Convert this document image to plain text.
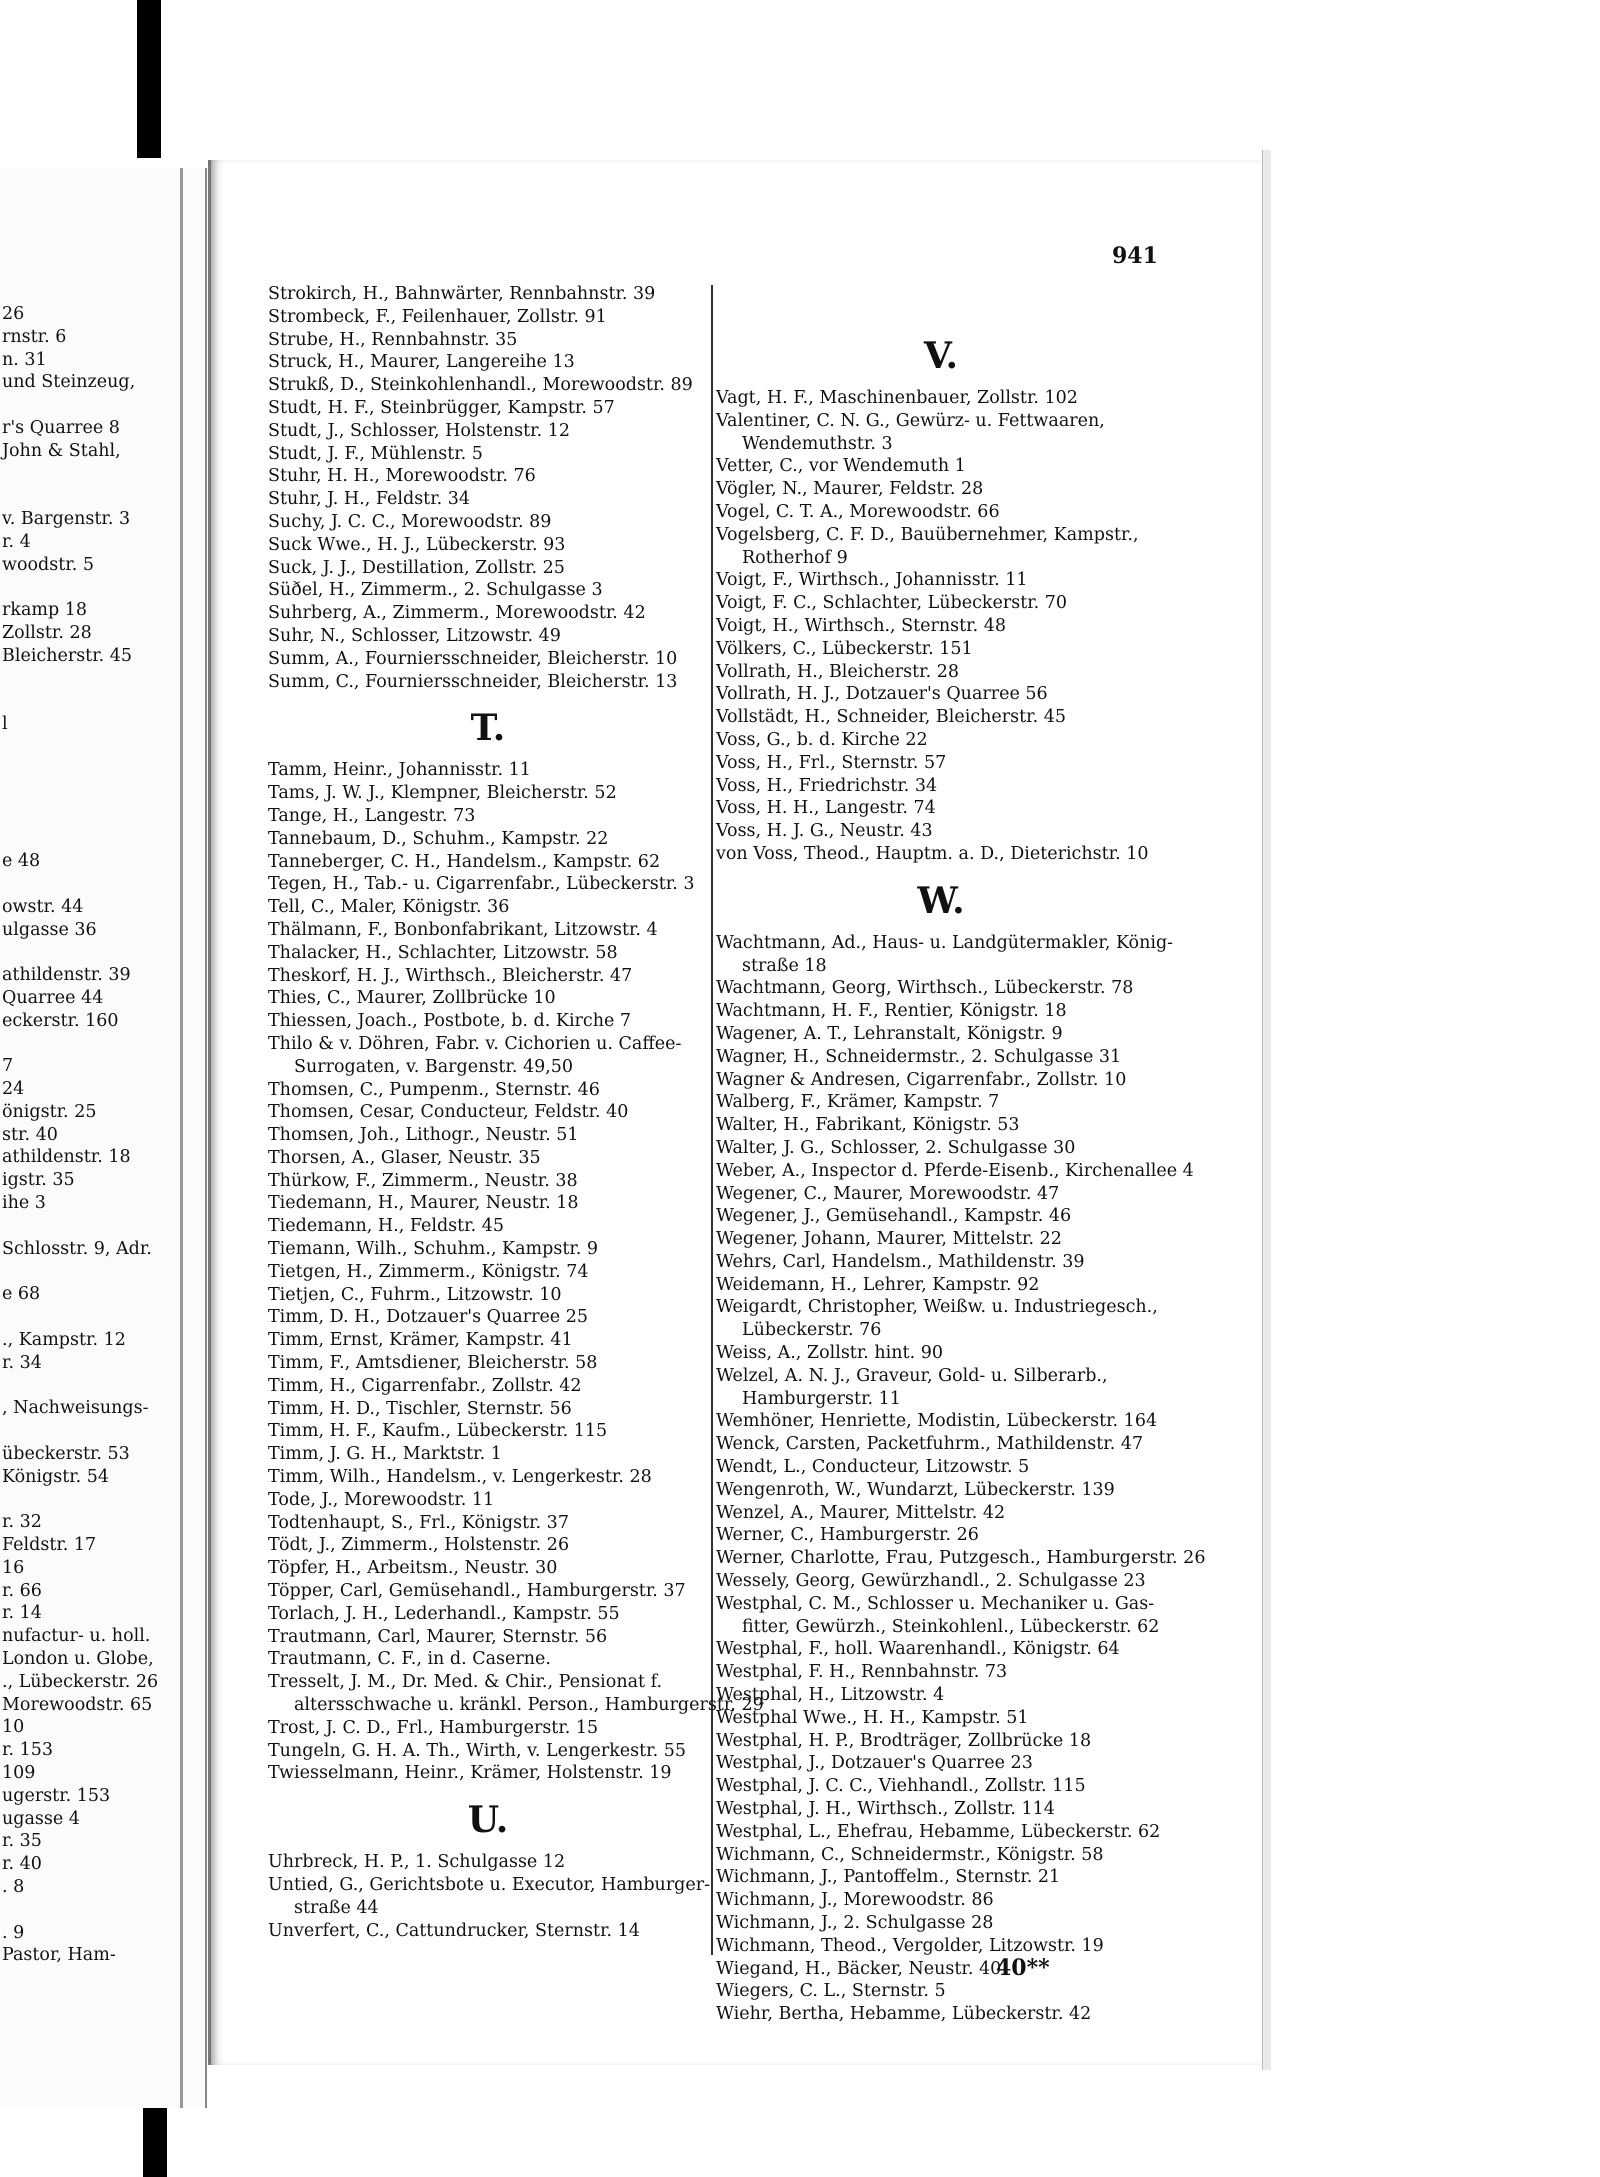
26
rnstr. 6
n. 31
und Steinzeug,

r's Quarree 8
John & Stahl,

v. Bargenstr. 3
r. 4
woodstr. 5

rkamp 18
Zollstr. 28
Bleicherstr. 45

l

e 48

owstr. 44
ulgasse 36

athildenstr. 39
Quarree 44
eckerstr. 160

7
24
önigstr. 25
str. 40
athildenstr. 18
igstr. 35
ihe 3

Schlosstr. 9, Adr.

e 68

., Kampstr. 12
r. 34

, Nachweisungs-

übeckerstr. 53
Königstr. 54

r. 32
Feldstr. 17
16
r. 66
r. 14
nufactur- u. holl.
London u. Globe,
., Lübeckerstr. 26
Morewoodstr. 65
10
r. 153
109
ugerstr. 153
ugasse 4
r. 35
r. 40
. 8

. 9
Pastor, Ham-
941
Strokirch, H., Bahnwärter, Rennbahnstr. 39
Strombeck, F., Feilenhauer, Zollstr. 91
Strube, H., Rennbahnstr. 35
Struck, H., Maurer, Langereihe 13
Strukß, D., Steinkohlenhandl., Morewoodstr. 89
Studt, H. F., Steinbrügger, Kampstr. 57
Studt, J., Schlosser, Holstenstr. 12
Studt, J. F., Mühlenstr. 5
Stuhr, H. H., Morewoodstr. 76
Stuhr, J. H., Feldstr. 34
Suchy, J. C. C., Morewoodstr. 89
Suck Wwe., H. J., Lübeckerstr. 93
Suck, J. J., Destillation, Zollstr. 25
Süðel, H., Zimmerm., 2. Schulgasse 3
Suhrberg, A., Zimmerm., Morewoodstr. 42
Suhr, N., Schlosser, Litzowstr. 49
Summ, A., Fourniersschneider, Bleicherstr. 10
Summ, C., Fourniersschneider, Bleicherstr. 13
T.
Tamm, Heinr., Johannisstr. 11
Tams, J. W. J., Klempner, Bleicherstr. 52
Tange, H., Langestr. 73
Tannebaum, D., Schuhm., Kampstr. 22
Tanneberger, C. H., Handelsm., Kampstr. 62
Tegen, H., Tab.- u. Cigarrenfabr., Lübeckerstr. 3
Tell, C., Maler, Königstr. 36
Thälmann, F., Bonbonfabrikant, Litzowstr. 4
Thalacker, H., Schlachter, Litzowstr. 58
Theskorf, H. J., Wirthsch., Bleicherstr. 47
Thies, C., Maurer, Zollbrücke 10
Thiessen, Joach., Postbote, b. d. Kirche 7
Thilo & v. Döhren, Fabr. v. Cichorien u. Caffee-
Surrogaten, v. Bargenstr. 49,50
Thomsen, C., Pumpenm., Sternstr. 46
Thomsen, Cesar, Conducteur, Feldstr. 40
Thomsen, Joh., Lithogr., Neustr. 51
Thorsen, A., Glaser, Neustr. 35
Thürkow, F., Zimmerm., Neustr. 38
Tiedemann, H., Maurer, Neustr. 18
Tiedemann, H., Feldstr. 45
Tiemann, Wilh., Schuhm., Kampstr. 9
Tietgen, H., Zimmerm., Königstr. 74
Tietjen, C., Fuhrm., Litzowstr. 10
Timm, D. H., Dotzauer's Quarree 25
Timm, Ernst, Krämer, Kampstr. 41
Timm, F., Amtsdiener, Bleicherstr. 58
Timm, H., Cigarrenfabr., Zollstr. 42
Timm, H. D., Tischler, Sternstr. 56
Timm, H. F., Kaufm., Lübeckerstr. 115
Timm, J. G. H., Marktstr. 1
Timm, Wilh., Handelsm., v. Lengerkestr. 28
Tode, J., Morewoodstr. 11
Todtenhaupt, S., Frl., Königstr. 37
Tödt, J., Zimmerm., Holstenstr. 26
Töpfer, H., Arbeitsm., Neustr. 30
Töpper, Carl, Gemüsehandl., Hamburgerstr. 37
Torlach, J. H., Lederhandl., Kampstr. 55
Trautmann, Carl, Maurer, Sternstr. 56
Trautmann, C. F., in d. Caserne.
Tresselt, J. M., Dr. Med. & Chir., Pensionat f.
altersschwache u. kränkl. Person., Hamburgerstr. 29
Trost, J. C. D., Frl., Hamburgerstr. 15
Tungeln, G. H. A. Th., Wirth, v. Lengerkestr. 55
Twiesselmann, Heinr., Krämer, Holstenstr. 19
U.
Uhrbreck, H. P., 1. Schulgasse 12
Untied, G., Gerichtsbote u. Executor, Hamburger-
straße 44
Unverfert, C., Cattundrucker, Sternstr. 14
V.
Vagt, H. F., Maschinenbauer, Zollstr. 102
Valentiner, C. N. G., Gewürz- u. Fettwaaren,
Wendemuthstr. 3
Vetter, C., vor Wendemuth 1
Vögler, N., Maurer, Feldstr. 28
Vogel, C. T. A., Morewoodstr. 66
Vogelsberg, C. F. D., Bauübernehmer, Kampstr.,
Rotherhof 9
Voigt, F., Wirthsch., Johannisstr. 11
Voigt, F. C., Schlachter, Lübeckerstr. 70
Voigt, H., Wirthsch., Sternstr. 48
Völkers, C., Lübeckerstr. 151
Vollrath, H., Bleicherstr. 28
Vollrath, H. J., Dotzauer's Quarree 56
Vollstädt, H., Schneider, Bleicherstr. 45
Voss, G., b. d. Kirche 22
Voss, H., Frl., Sternstr. 57
Voss, H., Friedrichstr. 34
Voss, H. H., Langestr. 74
Voss, H. J. G., Neustr. 43
von Voss, Theod., Hauptm. a. D., Dieterichstr. 10
W.
Wachtmann, Ad., Haus- u. Landgütermakler, König-
straße 18
Wachtmann, Georg, Wirthsch., Lübeckerstr. 78
Wachtmann, H. F., Rentier, Königstr. 18
Wagener, A. T., Lehranstalt, Königstr. 9
Wagner, H., Schneidermstr., 2. Schulgasse 31
Wagner & Andresen, Cigarrenfabr., Zollstr. 10
Walberg, F., Krämer, Kampstr. 7
Walter, H., Fabrikant, Königstr. 53
Walter, J. G., Schlosser, 2. Schulgasse 30
Weber, A., Inspector d. Pferde-Eisenb., Kirchenallee 4
Wegener, C., Maurer, Morewoodstr. 47
Wegener, J., Gemüsehandl., Kampstr. 46
Wegener, Johann, Maurer, Mittelstr. 22
Wehrs, Carl, Handelsm., Mathildenstr. 39
Weidemann, H., Lehrer, Kampstr. 92
Weigardt, Christopher, Weißw. u. Industriegesch.,
Lübeckerstr. 76
Weiss, A., Zollstr. hint. 90
Welzel, A. N. J., Graveur, Gold- u. Silberarb.,
Hamburgerstr. 11
Wemhöner, Henriette, Modistin, Lübeckerstr. 164
Wenck, Carsten, Packetfuhrm., Mathildenstr. 47
Wendt, L., Conducteur, Litzowstr. 5
Wengenroth, W., Wundarzt, Lübeckerstr. 139
Wenzel, A., Maurer, Mittelstr. 42
Werner, C., Hamburgerstr. 26
Werner, Charlotte, Frau, Putzgesch., Hamburgerstr. 26
Wessely, Georg, Gewürzhandl., 2. Schulgasse 23
Westphal, C. M., Schlosser u. Mechaniker u. Gas-
fitter, Gewürzh., Steinkohlenl., Lübeckerstr. 62
Westphal, F., holl. Waarenhandl., Königstr. 64
Westphal, F. H., Rennbahnstr. 73
Westphal, H., Litzowstr. 4
Westphal Wwe., H. H., Kampstr. 51
Westphal, H. P., Brodträger, Zollbrücke 18
Westphal, J., Dotzauer's Quarree 23
Westphal, J. C. C., Viehhandl., Zollstr. 115
Westphal, J. H., Wirthsch., Zollstr. 114
Westphal, L., Ehefrau, Hebamme, Lübeckerstr. 62
Wichmann, C., Schneidermstr., Königstr. 58
Wichmann, J., Pantoffelm., Sternstr. 21
Wichmann, J., Morewoodstr. 86
Wichmann, J., 2. Schulgasse 28
Wichmann, Theod., Vergolder, Litzowstr. 19
Wiegand, H., Bäcker, Neustr. 40
Wiegers, C. L., Sternstr. 5
Wiehr, Bertha, Hebamme, Lübeckerstr. 42
40**
